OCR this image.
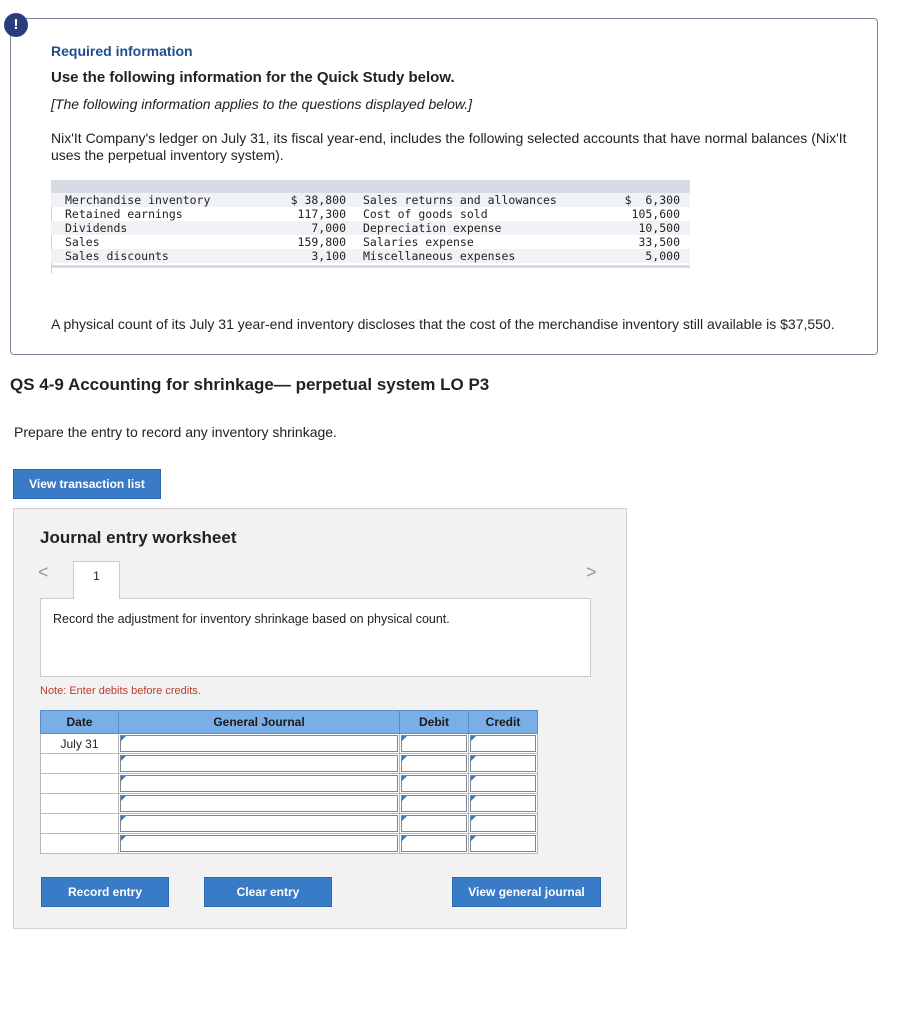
!
Required information
Use the following information for the Quick Study below.
[The following information applies to the questions displayed below.]
Nix'It Company's ledger on July 31, its fiscal year-end, includes the following selected accounts that have normal balances (Nix'It uses the perpetual inventory system).
Merchandise inventory	$ 38,800 Sales returns and allowances	$  6,300
Retained earnings	117,300 Cost of goods sold	105,600
Dividends	7,000 Depreciation expense	10,500
Sales	159,800 Salaries expense	33,500
Sales discounts	3,100 Miscellaneous expenses	5,000
A physical count of its July 31 year-end inventory discloses that the cost of the merchandise inventory still available is $37,550.
QS 4-9 Accounting for shrinkage— perpetual system LO P3
Prepare the entry to record any inventory shrinkage.
View transaction list
Journal entry worksheet
<	1	>
Record the adjustment for inventory shrinkage based on physical count.
Note: Enter debits before credits.
Date	General Journal	Debit	Credit
July 31	

Record entry	Clear entry	View general journal
